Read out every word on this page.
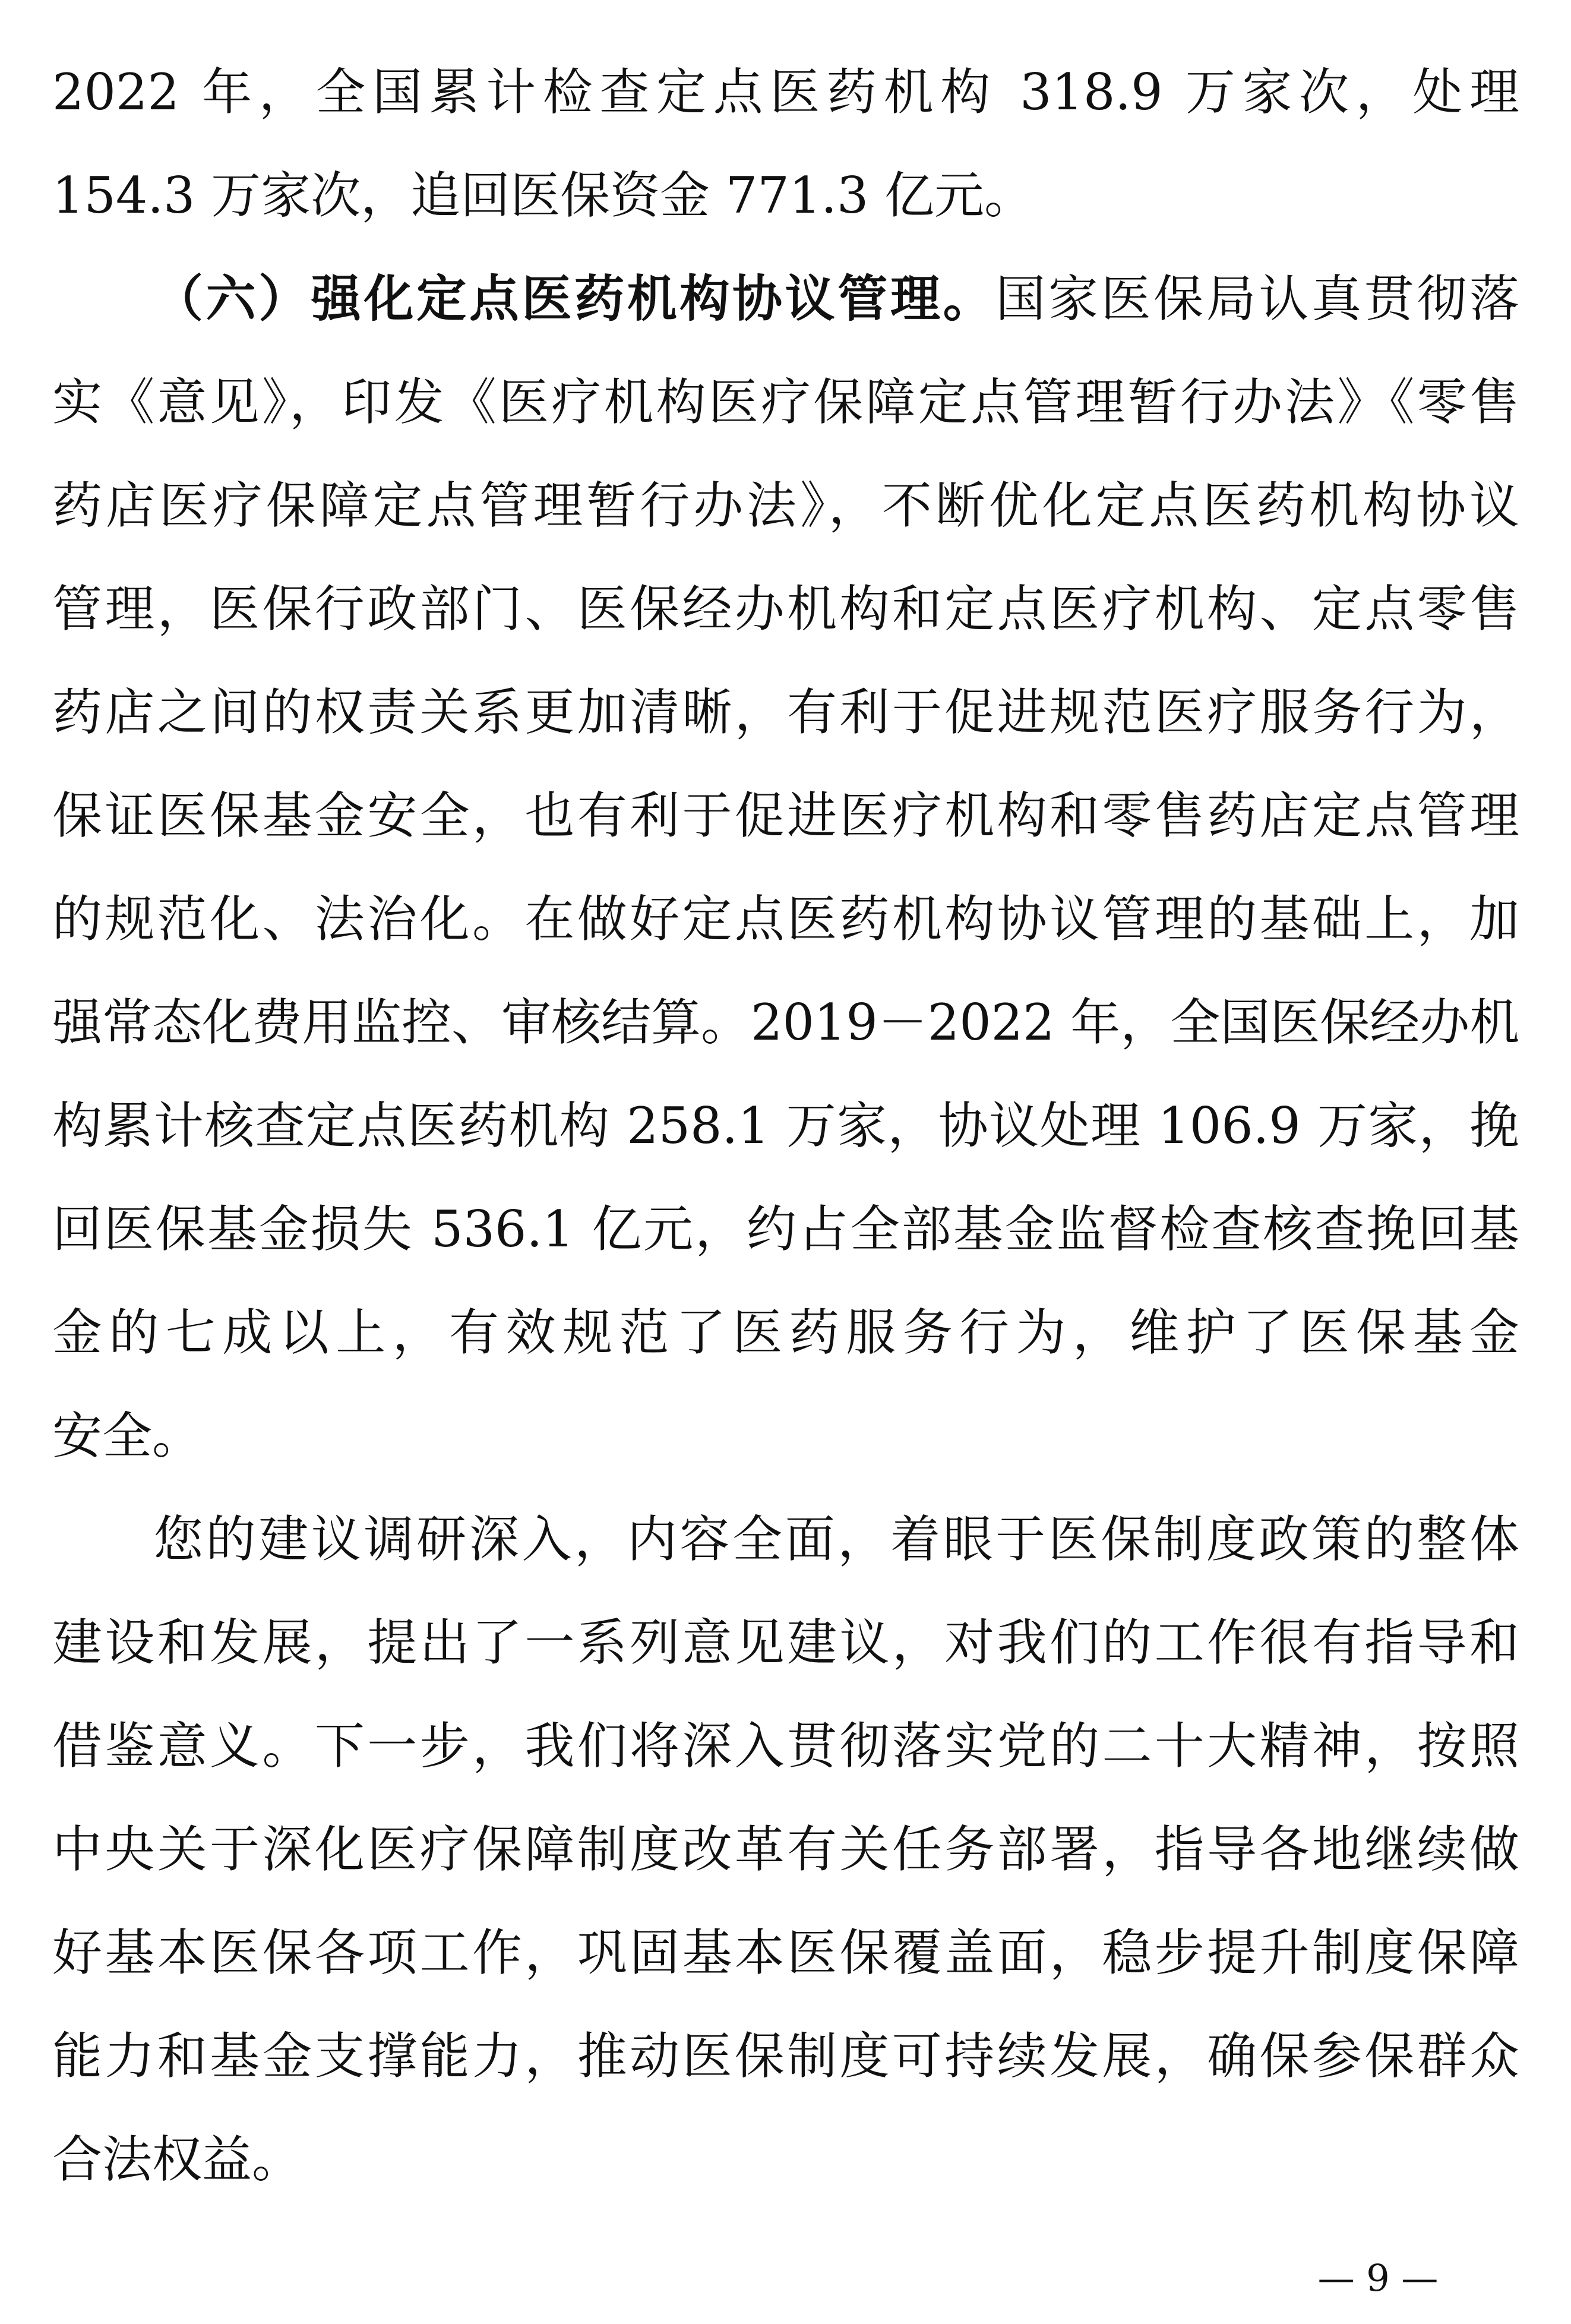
2022 年，全国累计检查定点医药机构 318.9 万家次，处理
154.3 万家次，追回医保资金 771.3 亿元。
（六）强化定点医药机构协议管理。国家医保局认真贯彻落
实《意见》，印发《医疗机构医疗保障定点管理暂行办法》《零售
药店医疗保障定点管理暂行办法》，不断优化定点医药机构协议
管理，医保行政部门、医保经办机构和定点医疗机构、定点零售
药店之间的权责关系更加清晰，有利于促进规范医疗服务行为，
保证医保基金安全，也有利于促进医疗机构和零售药店定点管理
的规范化、法治化。在做好定点医药机构协议管理的基础上，加
强常态化费用监控、审核结算。2019－2022 年，全国医保经办机
构累计核查定点医药机构 258.1 万家，协议处理 106.9 万家，挽
回医保基金损失 536.1 亿元，约占全部基金监督检查核查挽回基
金的七成以上，有效规范了医药服务行为，维护了医保基金
安全。
您的建议调研深入，内容全面，着眼于医保制度政策的整体
建设和发展，提出了一系列意见建议，对我们的工作很有指导和
借鉴意义。下一步，我们将深入贯彻落实党的二十大精神，按照
中央关于深化医疗保障制度改革有关任务部署，指导各地继续做
好基本医保各项工作，巩固基本医保覆盖面，稳步提升制度保障
能力和基金支撑能力，推动医保制度可持续发展，确保参保群众
合法权益。
— 9 —
